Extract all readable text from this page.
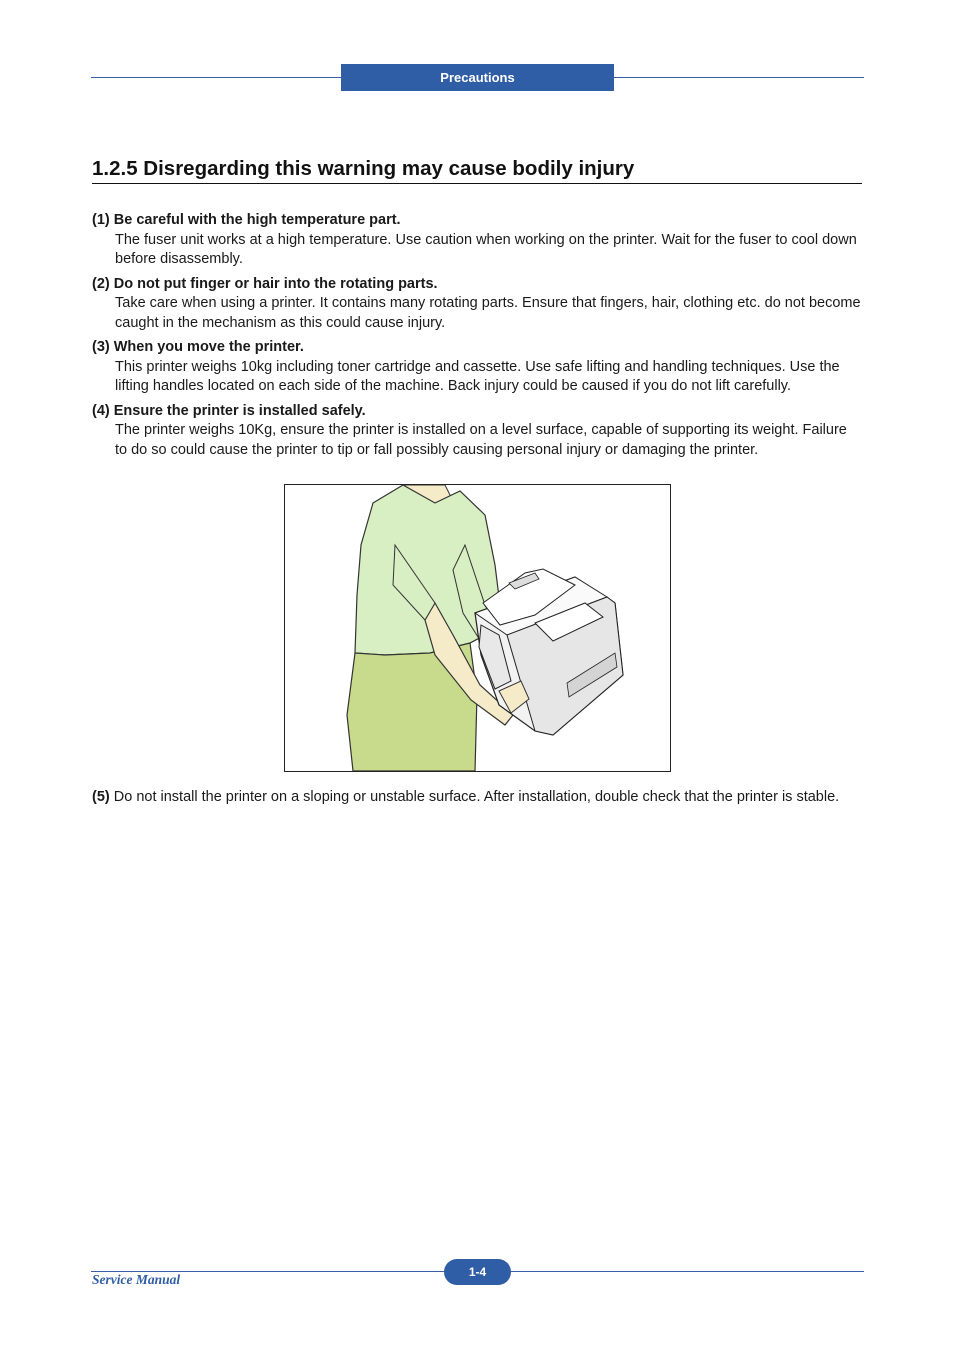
Precautions
1.2.5 Disregarding this warning may cause bodily injury
(1) Be careful with the high temperature part.
The fuser unit works at a high temperature. Use caution when working on the printer. Wait for the fuser to cool down before disassembly.
(2) Do not put finger or hair into the rotating parts.
Take care when using a printer. It contains many rotating parts. Ensure that fingers, hair, clothing etc. do not become caught in the mechanism as this could cause injury.
(3) When you move the printer.
This printer weighs 10kg including toner cartridge and cassette. Use safe lifting and handling techniques. Use the lifting handles located on each side of the machine. Back injury could be caused if you do not lift carefully.
(4) Ensure the printer is installed safely.
The printer weighs 10Kg, ensure the printer is installed on a level surface, capable of supporting its weight. Failure to do so could cause the printer to tip or fall possibly causing personal injury or damaging the printer.
(5) Do not install the printer on a sloping or unstable surface. After installation, double check that the printer is stable.
Service Manual	1-4
